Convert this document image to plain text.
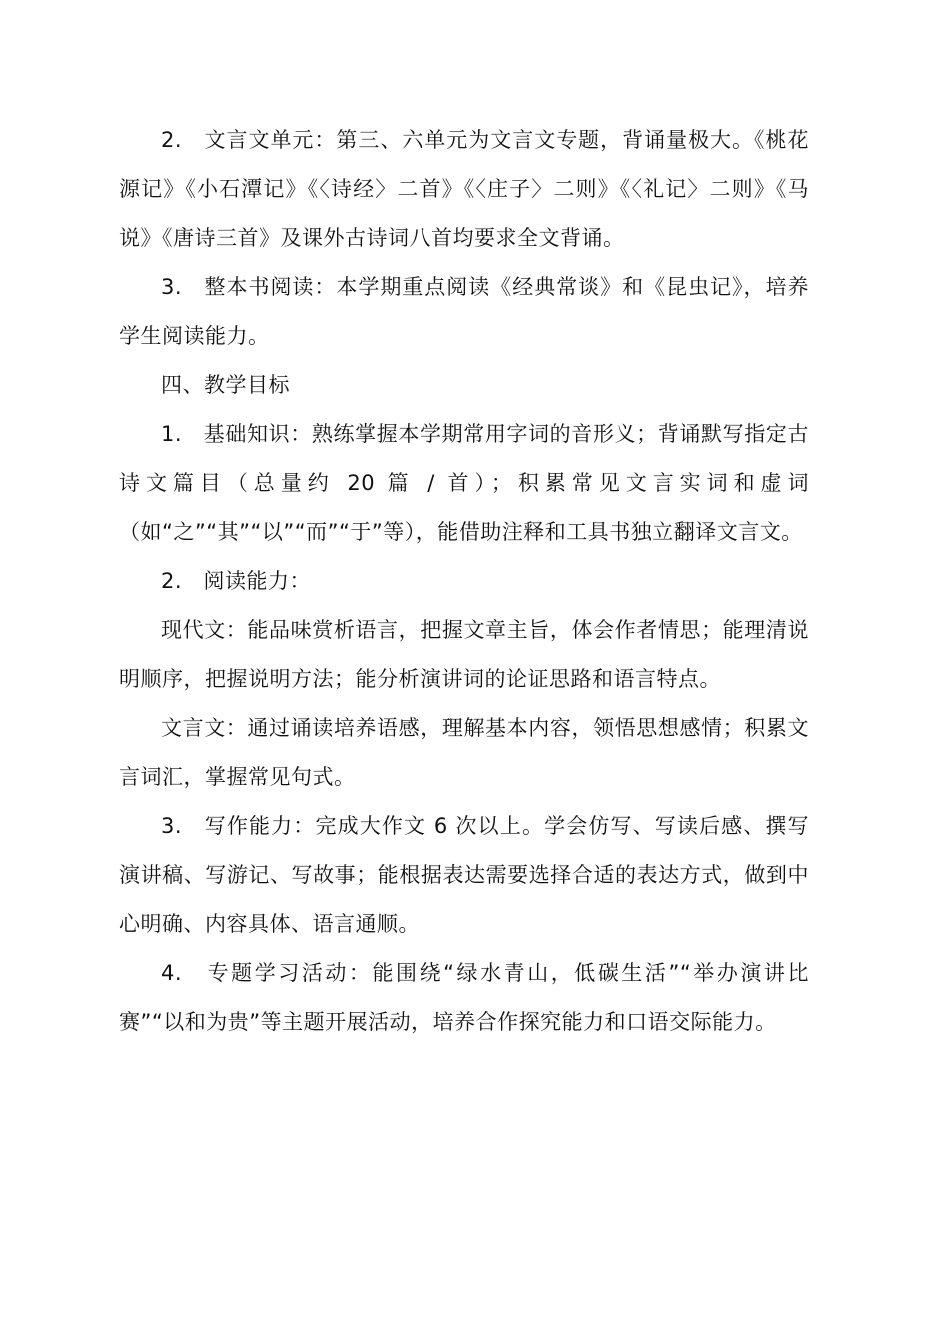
2.　文言文单元：第三、六单元为文言文专题，背诵量极大。《桃花源记》《小石潭记》《〈诗经〉二首》《〈庄子〉二则》《〈礼记〉二则》《马说》《唐诗三首》及课外古诗词八首均要求全文背诵。

3.　整本书阅读：本学期重点阅读《经典常谈》和《昆虫记》，培养学生阅读能力。

四、教学目标

1.　基础知识：熟练掌握本学期常用字词的音形义；背诵默写指定古诗文篇目（总量约 20 篇 / 首）；积累常见文言实词和虚词（如“之”“其”“以”“而”“于”等），能借助注释和工具书独立翻译文言文。

2.　阅读能力：

现代文：能品味赏析语言，把握文章主旨，体会作者情思；能理清说明顺序，把握说明方法；能分析演讲词的论证思路和语言特点。

文言文：通过诵读培养语感，理解基本内容，领悟思想感情；积累文言词汇，掌握常见句式。

3.　写作能力：完成大作文 6 次以上。学会仿写、写读后感、撰写演讲稿、写游记、写故事；能根据表达需要选择合适的表达方式，做到中心明确、内容具体、语言通顺。

4.　专题学习活动：能围绕“绿水青山，低碳生活”“举办演讲比赛”“以和为贵”等主题开展活动，培养合作探究能力和口语交际能力。
